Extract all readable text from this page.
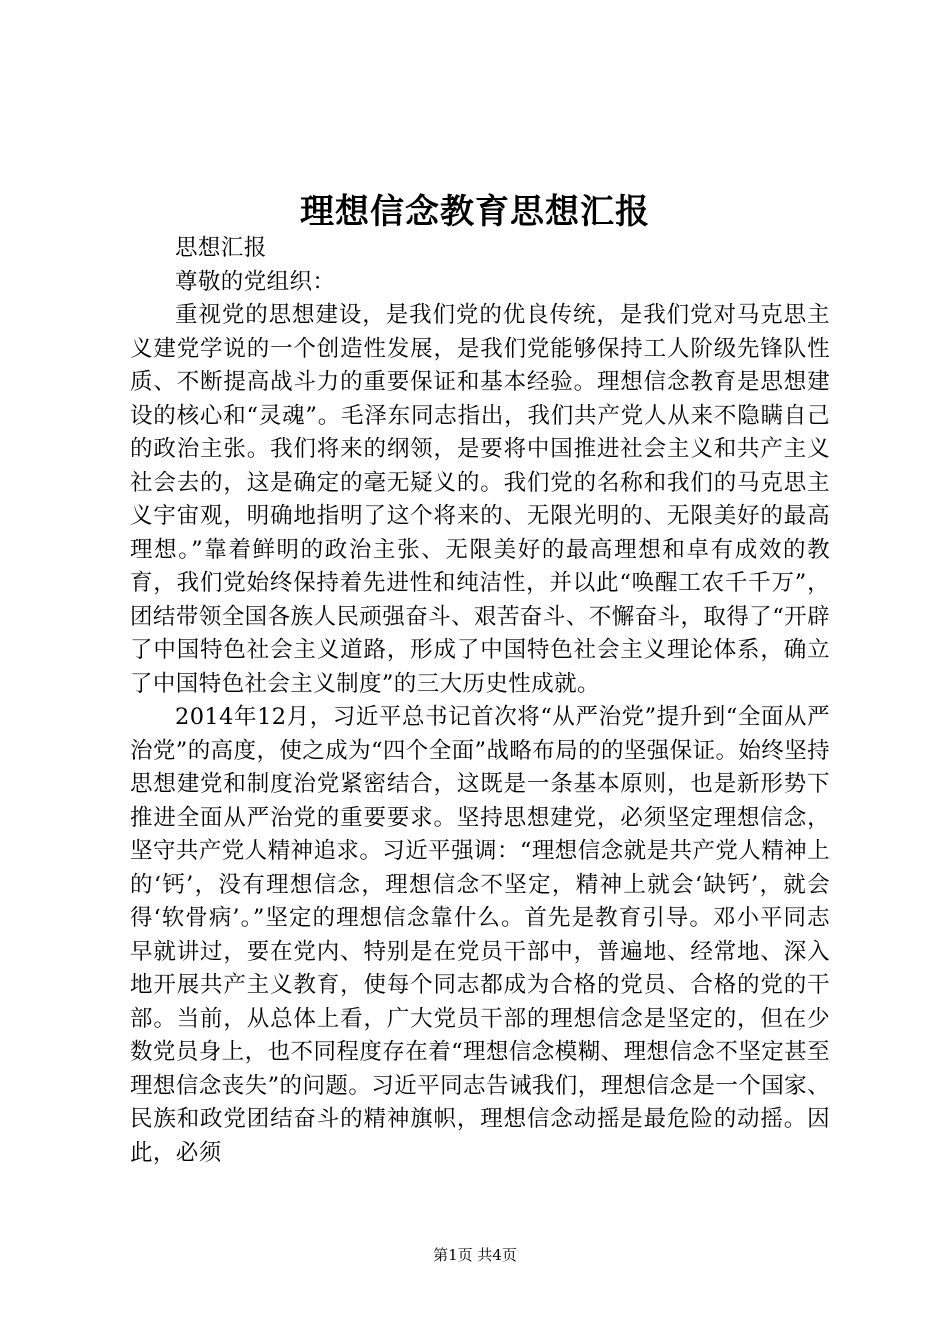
理想信念教育思想汇报

思想汇报

尊敬的党组织：

重视党的思想建设，是我们党的优良传统，是我们党对马克思主义建党学说的一个创造性发展，是我们党能够保持工人阶级先锋队性质、不断提高战斗力的重要保证和基本经验。理想信念教育是思想建设的核心和“灵魂”。毛泽东同志指出，我们共产党人从来不隐瞒自己的政治主张。我们将来的纲领，是要将中国推进社会主义和共产主义社会去的，这是确定的毫无疑义的。我们党的名称和我们的马克思主义宇宙观，明确地指明了这个将来的、无限光明的、无限美好的最高理想。”靠着鲜明的政治主张、无限美好的最高理想和卓有成效的教育，我们党始终保持着先进性和纯洁性，并以此“唤醒工农千千万”，团结带领全国各族人民顽强奋斗、艰苦奋斗、不懈奋斗，取得了“开辟了中国特色社会主义道路，形成了中国特色社会主义理论体系，确立了中国特色社会主义制度”的三大历史性成就。

2014年12月，习近平总书记首次将“从严治党”提升到“全面从严治党”的高度，使之成为“四个全面”战略布局的的坚强保证。始终坚持思想建党和制度治党紧密结合，这既是一条基本原则，也是新形势下推进全面从严治党的重要要求。坚持思想建党，必须坚定理想信念，坚守共产党人精神追求。习近平强调：“理想信念就是共产党人精神上的‘钙’，没有理想信念，理想信念不坚定，精神上就会‘缺钙’，就会得‘软骨病’。”坚定的理想信念靠什么。首先是教育引导。邓小平同志早就讲过，要在党内、特别是在党员干部中，普遍地、经常地、深入地开展共产主义教育，使每个同志都成为合格的党员、合格的党的干部。当前，从总体上看，广大党员干部的理想信念是坚定的，但在少数党员身上，也不同程度存在着“理想信念模糊、理想信念不坚定甚至理想信念丧失”的问题。习近平同志告诫我们，理想信念是一个国家、民族和政党团结奋斗的精神旗帜，理想信念动摇是最危险的动摇。因此，必须

第1页 共4页
